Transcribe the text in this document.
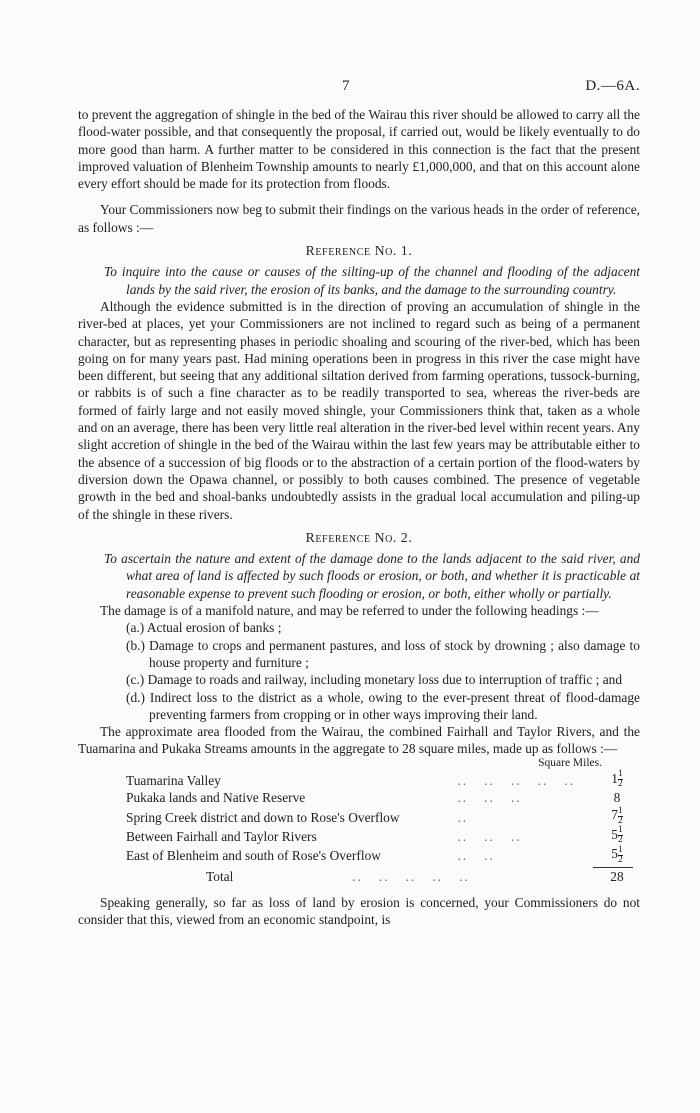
7	D.—6A.

to prevent the aggregation of shingle in the bed of the Wairau this river should be allowed to carry all the flood-water possible, and that consequently the proposal, if carried out, would be likely eventually to do more good than harm. A further matter to be considered in this connection is the fact that the present improved valuation of Blenheim Township amounts to nearly £1,000,000, and that on this account alone every effort should be made for its protection from floods.

Your Commissioners now beg to submit their findings on the various heads in the order of reference, as follows :—

Reference No. 1.

To inquire into the cause or causes of the silting-up of the channel and flooding of the adjacent lands by the said river, the erosion of its banks, and the damage to the surrounding country.

Although the evidence submitted is in the direction of proving an accumulation of shingle in the river-bed at places, yet your Commissioners are not inclined to regard such as being of a permanent character, but as representing phases in periodic shoaling and scouring of the river-bed, which has been going on for many years past. Had mining operations been in progress in this river the case might have been different, but seeing that any additional siltation derived from farming operations, tussock-burning, or rabbits is of such a fine character as to be readily transported to sea, whereas the river-beds are formed of fairly large and not easily moved shingle, your Commissioners think that, taken as a whole and on an average, there has been very little real alteration in the river-bed level within recent years. Any slight accretion of shingle in the bed of the Wairau within the last few years may be attributable either to the absence of a succession of big floods or to the abstraction of a certain portion of the flood-waters by diversion down the Opawa channel, or possibly to both causes combined. The presence of vegetable growth in the bed and shoal-banks undoubtedly assists in the gradual local accumulation and piling-up of the shingle in these rivers.

Reference No. 2.

To ascertain the nature and extent of the damage done to the lands adjacent to the said river, and what area of land is affected by such floods or erosion, or both, and whether it is practicable at reasonable expense to prevent such flooding or erosion, or both, either wholly or partially.

The damage is of a manifold nature, and may be referred to under the following headings :—

(a.) Actual erosion of banks ;
(b.) Damage to crops and permanent pastures, and loss of stock by drowning ; also damage to house property and furniture ;
(c.) Damage to roads and railway, including monetary loss due to interruption of traffic ; and
(d.) Indirect loss to the district as a whole, owing to the ever-present threat of flood-damage preventing farmers from cropping or in other ways improving their land.

The approximate area flooded from the Wairau, the combined Fairhall and Taylor Rivers, and the Tuamarina and Pukaka Streams amounts in the aggregate to 28 square miles, made up as follows :—

Square Miles.
Tuamarina Valley	..   ..   ..   ..   ..	$1 \frac{1}{2}$

Pukaka lands and Native Reserve	..   ..   ..	8
Spring Creek district and down to Rose's Overflow	..	$7 \frac{1}{2}$

Between Fairhall and Taylor Rivers	..   ..   ..	$5 \frac{1}{2}$

East of Blenheim and south of Rose's Overflow	..   ..	$5 \frac{1}{2}$
Total	..   ..   ..   ..   ..	28

Speaking generally, so far as loss of land by erosion is concerned, your Commissioners do not consider that this, viewed from an economic standpoint, is
